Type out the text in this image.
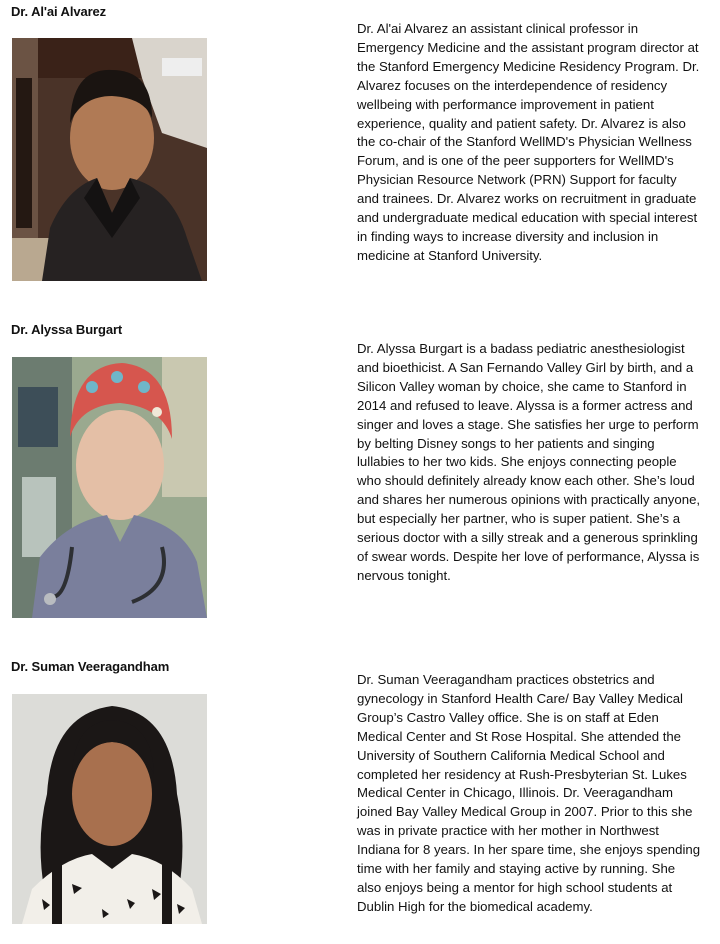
Dr. Al'ai Alvarez

Dr. Al'ai Alvarez an assistant clinical professor in Emergency Medicine and the assistant program director at the Stanford Emergency Medicine Residency Program. Dr. Alvarez focuses on the interdependence of residency wellbeing with performance improvement in patient experience, quality and patient safety. Dr. Alvarez is also the co-chair of the Stanford WellMD's Physician Wellness Forum, and is one of the peer supporters for WellMD's Physician Resource Network (PRN) Support for faculty and trainees. Dr. Alvarez works on recruitment in graduate and undergraduate medical education with special interest in finding ways to increase diversity and inclusion in medicine at Stanford University.

Dr. Alyssa Burgart

Dr. Alyssa Burgart is a badass pediatric anesthesiologist and bioethicist. A San Fernando Valley Girl by birth, and a Silicon Valley woman by choice, she came to Stanford in 2014 and refused to leave. Alyssa is a former actress and singer and loves a stage. She satisfies her urge to perform by belting Disney songs to her patients and singing lullabies to her two kids. She enjoys connecting people who should definitely already know each other. She’s loud and shares her numerous opinions with practically anyone, but especially her partner, who is super patient. She’s a serious doctor with a silly streak and a generous sprinkling of swear words. Despite her love of performance, Alyssa is nervous tonight.

Dr. Suman Veeragandham

Dr. Suman Veeragandham practices obstetrics and gynecology in Stanford Health Care/ Bay Valley Medical Group’s Castro Valley office. She is on staff at Eden Medical Center and St Rose Hospital. She attended the University of Southern California Medical School and completed her residency at Rush-Presbyterian St. Lukes Medical Center in Chicago, Illinois. Dr. Veeragandham joined Bay Valley Medical Group in 2007. Prior to this she was in private practice with her mother in Northwest Indiana for 8 years. In her spare time, she enjoys spending time with her family and staying active by running. She also enjoys being a mentor for high school students at Dublin High for the biomedical academy.
